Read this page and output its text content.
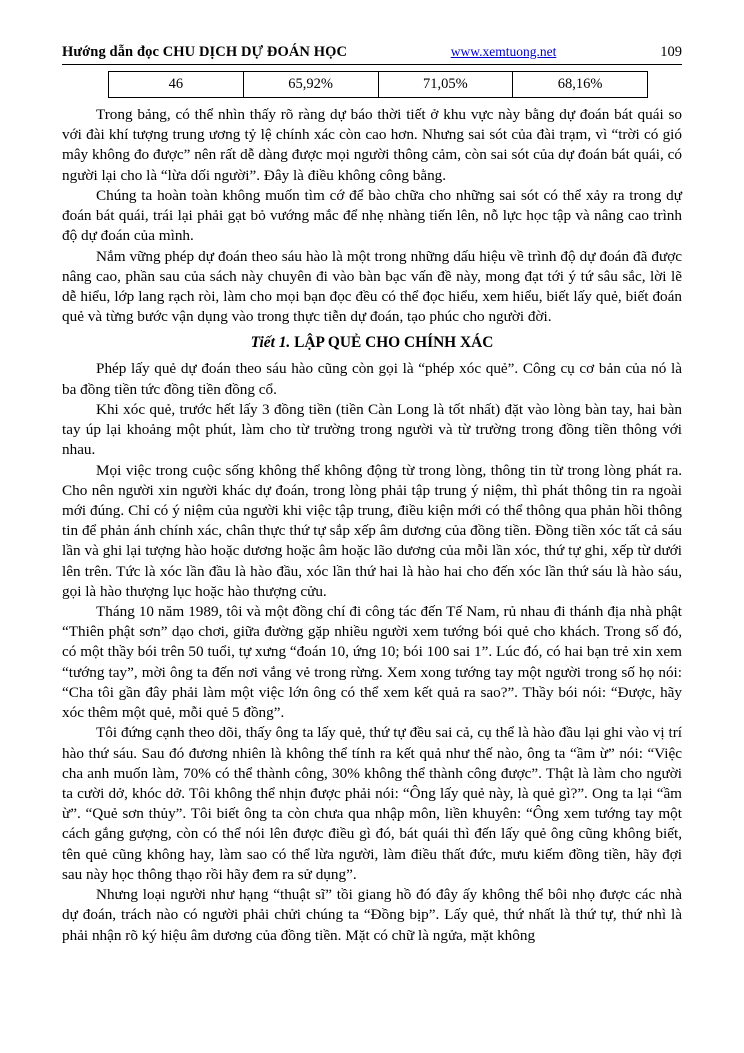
Hướng dẫn đọc CHU DỊCH DỰ ĐOÁN HỌC	www.xemtuong.net	109
46	65,92%	71,05%	68,16%

Trong bảng, có thể nhìn thấy rõ ràng dự báo thời tiết ở khu vực này bằng dự đoán bát quái so với đài khí tượng trung ương tỷ lệ chính xác còn cao hơn. Nhưng sai sót của đài trạm, vì “trời có gió mây không đo được” nên rất dễ dàng được mọi người thông cảm, còn sai sót của dự đoán bát quái, có người lại cho là “lừa dối người”. Đây là điều không công bằng.

Chúng ta hoàn toàn không muốn tìm cớ để bào chữa cho những sai sót có thể xảy ra trong dự đoán bát quái, trái lại phải gạt bỏ vướng mắc để nhẹ nhàng tiến lên, nỗ lực học tập và nâng cao trình độ dự đoán của mình.

Nắm vững phép dự đoán theo sáu hào là một trong những dấu hiệu về trình độ dự đoán đã được nâng cao, phần sau của sách này chuyên đi vào bàn bạc vấn đề này, mong đạt tới ý tứ sâu sắc, lời lẽ dễ hiểu, lớp lang rạch ròi, làm cho mọi bạn đọc đều có thể đọc hiểu, xem hiểu, biết lấy quẻ, biết đoán quẻ và từng bước vận dụng vào trong thực tiễn dự đoán, tạo phúc cho người đời.

Tiết 1. LẬP QUẺ CHO CHÍNH XÁC

Phép lấy quẻ dự đoán theo sáu hào cũng còn gọi là “phép xóc quẻ”. Công cụ cơ bản của nó là ba đồng tiền tức đồng tiền đồng cổ.

Khi xóc quẻ, trước hết lấy 3 đồng tiền (tiền Càn Long là tốt nhất) đặt vào lòng bàn tay, hai bàn tay úp lại khoảng một phút, làm cho từ trường trong người và từ trường trong đồng tiền thông với nhau.

Mọi việc trong cuộc sống không thể không động từ trong lòng, thông tin từ trong lòng phát ra. Cho nên người xin người khác dự đoán, trong lòng phải tập trung ý niệm, thì phát thông tin ra ngoài mới đúng. Chỉ có ý niệm của người khi việc tập trung, điều kiện mới có thể thông qua phản hồi thông tin để phản ánh chính xác, chân thực thứ tự sắp xếp âm dương của đồng tiền. Đồng tiền xóc tất cả sáu lần và ghi lại tượng hào hoặc dương hoặc âm hoặc lão dương của mỗi lần xóc, thứ tự ghi, xếp từ dưới lên trên. Tức là xóc lần đầu là hào đầu, xóc lần thứ hai là hào hai cho đến xóc lần thứ sáu là hào sáu, gọi là hào thượng lục hoặc hào thượng cửu.

Tháng 10 năm 1989, tôi và một đồng chí đi công tác đến Tế Nam, rủ nhau đi thánh địa nhà phật “Thiên phật sơn” dạo chơi, giữa đường gặp nhiều người xem tướng bói quẻ cho khách. Trong số đó, có một thầy bói trên 50 tuổi, tự xưng “đoán 10, ứng 10; bói 100 sai 1”. Lúc đó, có hai bạn trẻ xin xem “tướng tay”, mời ông ta đến nơi vắng vẻ trong rừng. Xem xong tướng tay một người trong số họ nói: “Cha tôi gần đây phải làm một việc lớn ông có thể xem kết quả ra sao?”. Thầy bói nói: “Được, hãy xóc thêm một quẻ, mỗi quẻ 5 đồng”.

Tôi đứng cạnh theo dõi, thấy ông ta lấy quẻ, thứ tự đều sai cả, cụ thể là hào đầu lại ghi vào vị trí hào thứ sáu. Sau đó đương nhiên là không thể tính ra kết quả như thế nào, ông ta “ầm ừ” nói: “Việc cha anh muốn làm, 70% có thể thành công, 30% không thể thành công được”. Thật là làm cho người ta cười dở, khóc dở. Tôi không thể nhịn được phải nói: “Ông lấy quẻ này, là quẻ gì?”. Ong ta lại “ầm ừ”. “Quẻ sơn thủy”. Tôi biết ông ta còn chưa qua nhập môn, liền khuyên: “Ông xem tướng tay một cách gắng gượng, còn có thể nói lên được điều gì đó, bát quái thì đến lấy quẻ ông cũng không biết, tên quẻ cũng không hay, làm sao có thể lừa người, làm điều thất đức, mưu kiếm đồng tiền, hãy đợi sau này học thông thạo rồi hãy đem ra sử dụng”.

Nhưng loại người như hạng “thuật sĩ” tồi giang hồ đó đây ấy không thể bôi nhọ được các nhà dự đoán, trách nào có người phải chửi chúng ta “Đồng bịp”. Lấy quẻ, thứ nhất là thứ tự, thứ nhì là phải nhận rõ ký hiệu âm dương của đồng tiền. Mặt có chữ là ngửa, mặt không
